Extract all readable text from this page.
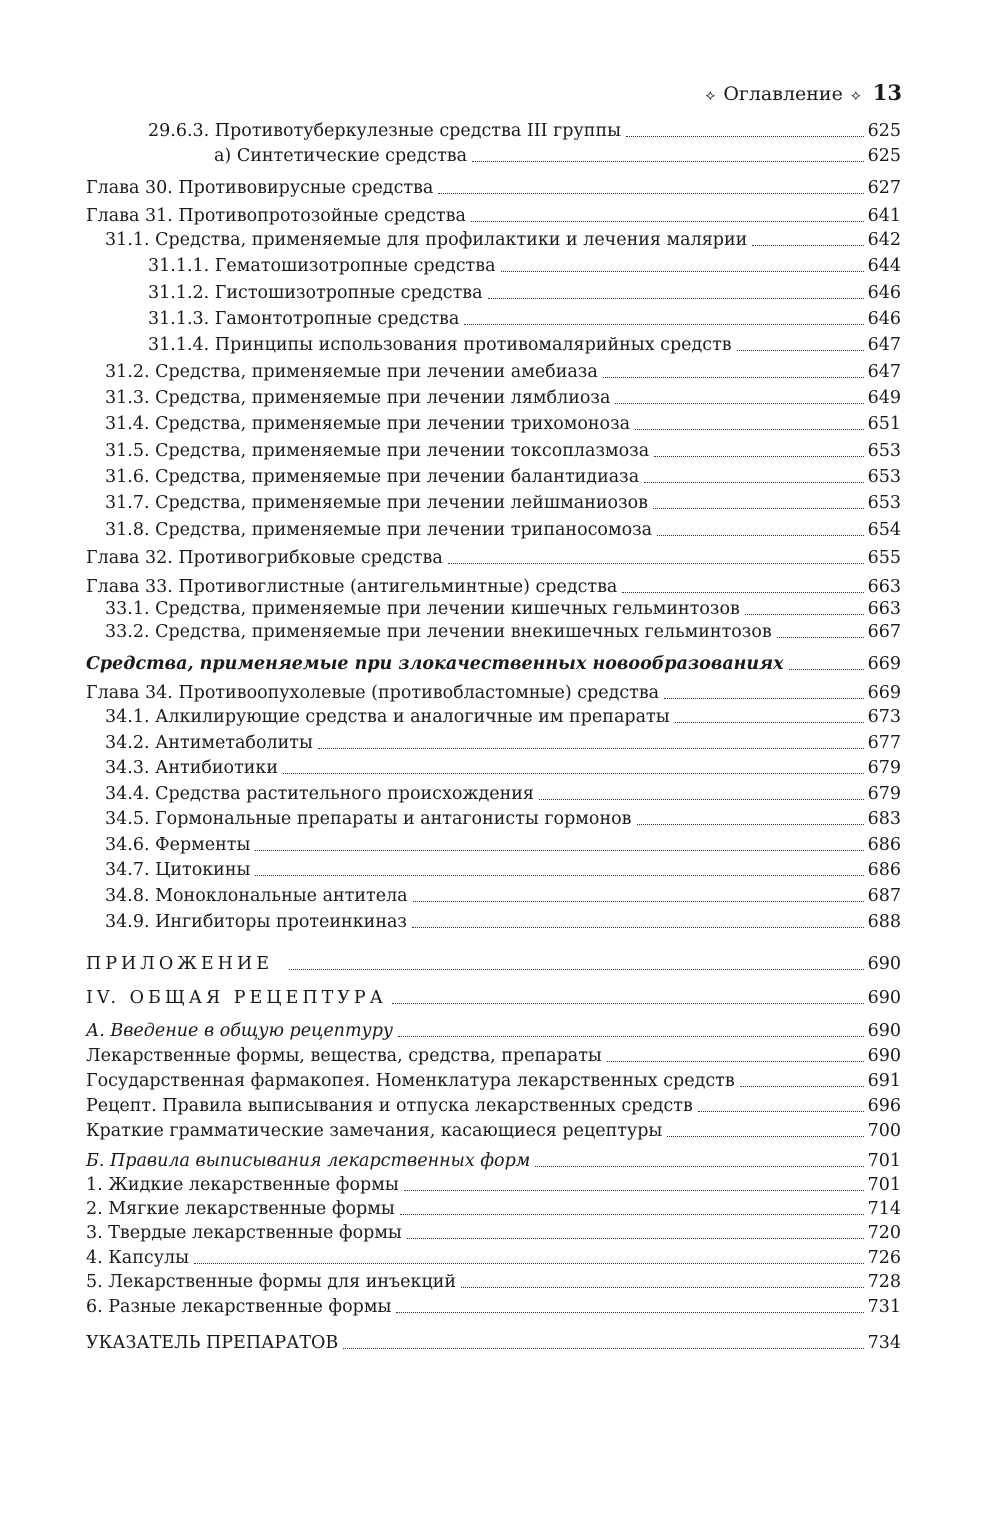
⟡ Оглавление ⟡ 13
29.6.3. Противотуберкулезные средства III группы	625
а) Синтетические средства	625
Глава 30. Противовирусные средства	627
Глава 31. Противопротозойные средства	641
31.1. Средства, применяемые для профилактики и лечения малярии	642
31.1.1. Гематошизотропные средства	644
31.1.2. Гистошизотропные средства	646
31.1.3. Гамонтотропные средства	646
31.1.4. Принципы использования противомалярийных средств	647
31.2. Средства, применяемые при лечении амебиаза	647
31.3. Средства, применяемые при лечении лямблиоза	649
31.4. Средства, применяемые при лечении трихомоноза	651
31.5. Средства, применяемые при лечении токсоплазмоза	653
31.6. Средства, применяемые при лечении балантидиаза	653
31.7. Средства, применяемые при лечении лейшманиозов	653
31.8. Средства, применяемые при лечении трипаносомоза	654
Глава 32. Противогрибковые средства	655
Глава 33. Противоглистные (антигельминтные) средства	663
33.1. Средства, применяемые при лечении кишечных гельминтозов	663
33.2. Средства, применяемые при лечении внекишечных гельминтозов	667
Средства, применяемые при злокачественных новообразованиях	669
Глава 34. Противоопухолевые (противобластомные) средства	669
34.1. Алкилирующие средства и аналогичные им препараты	673
34.2. Антиметаболиты	677
34.3. Антибиотики	679
34.4. Средства растительного происхождения	679
34.5. Гормональные препараты и антагонисты гормонов	683
34.6. Ферменты	686
34.7. Цитокины	686
34.8. Моноклональные антитела	687
34.9. Ингибиторы протеинкиназ	688
ПРИЛОЖЕНИЕ	690
IV. ОБЩАЯ РЕЦЕПТУРА	690
А. Введение в общую рецептуру	690
Лекарственные формы, вещества, средства, препараты	690
Государственная фармакопея. Номенклатура лекарственных средств	691
Рецепт. Правила выписывания и отпуска лекарственных средств	696
Краткие грамматические замечания, касающиеся рецептуры	700
Б. Правила выписывания лекарственных форм	701
1. Жидкие лекарственные формы	701
2. Мягкие лекарственные формы	714
3. Твердые лекарственные формы	720
4. Капсулы	726
5. Лекарственные формы для инъекций	728
6. Разные лекарственные формы	731
УКАЗАТЕЛЬ ПРЕПАРАТОВ	734
